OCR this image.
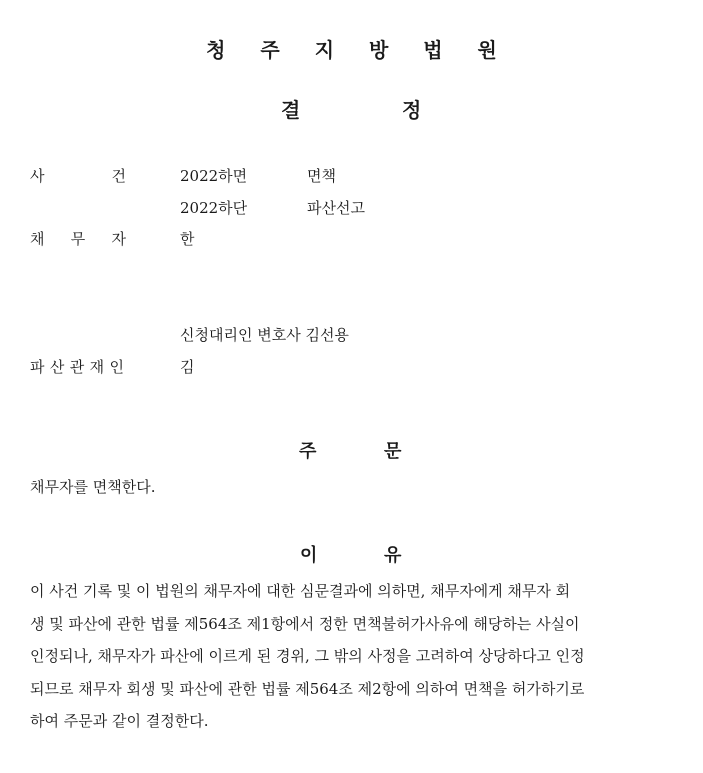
청 주 지 방 법 원
결	정
사	건	2022하면	면책
2022하단	파산선고
채 무 자	한
신청대리인 변호사 김선용
파 산 관 재 인	김
주	문
채무자를 면책한다.
이	유
이 사건 기록 및 이 법원의 채무자에 대한 심문결과에 의하면, 채무자에게 채무자 회
생 및 파산에 관한 법률 제564조 제1항에서 정한 면책불허가사유에 해당하는 사실이
인정되나, 채무자가 파산에 이르게 된 경위, 그 밖의 사정을 고려하여 상당하다고 인정
되므로 채무자 회생 및 파산에 관한 법률 제564조 제2항에 의하여 면책을 허가하기로
하여 주문과 같이 결정한다.
